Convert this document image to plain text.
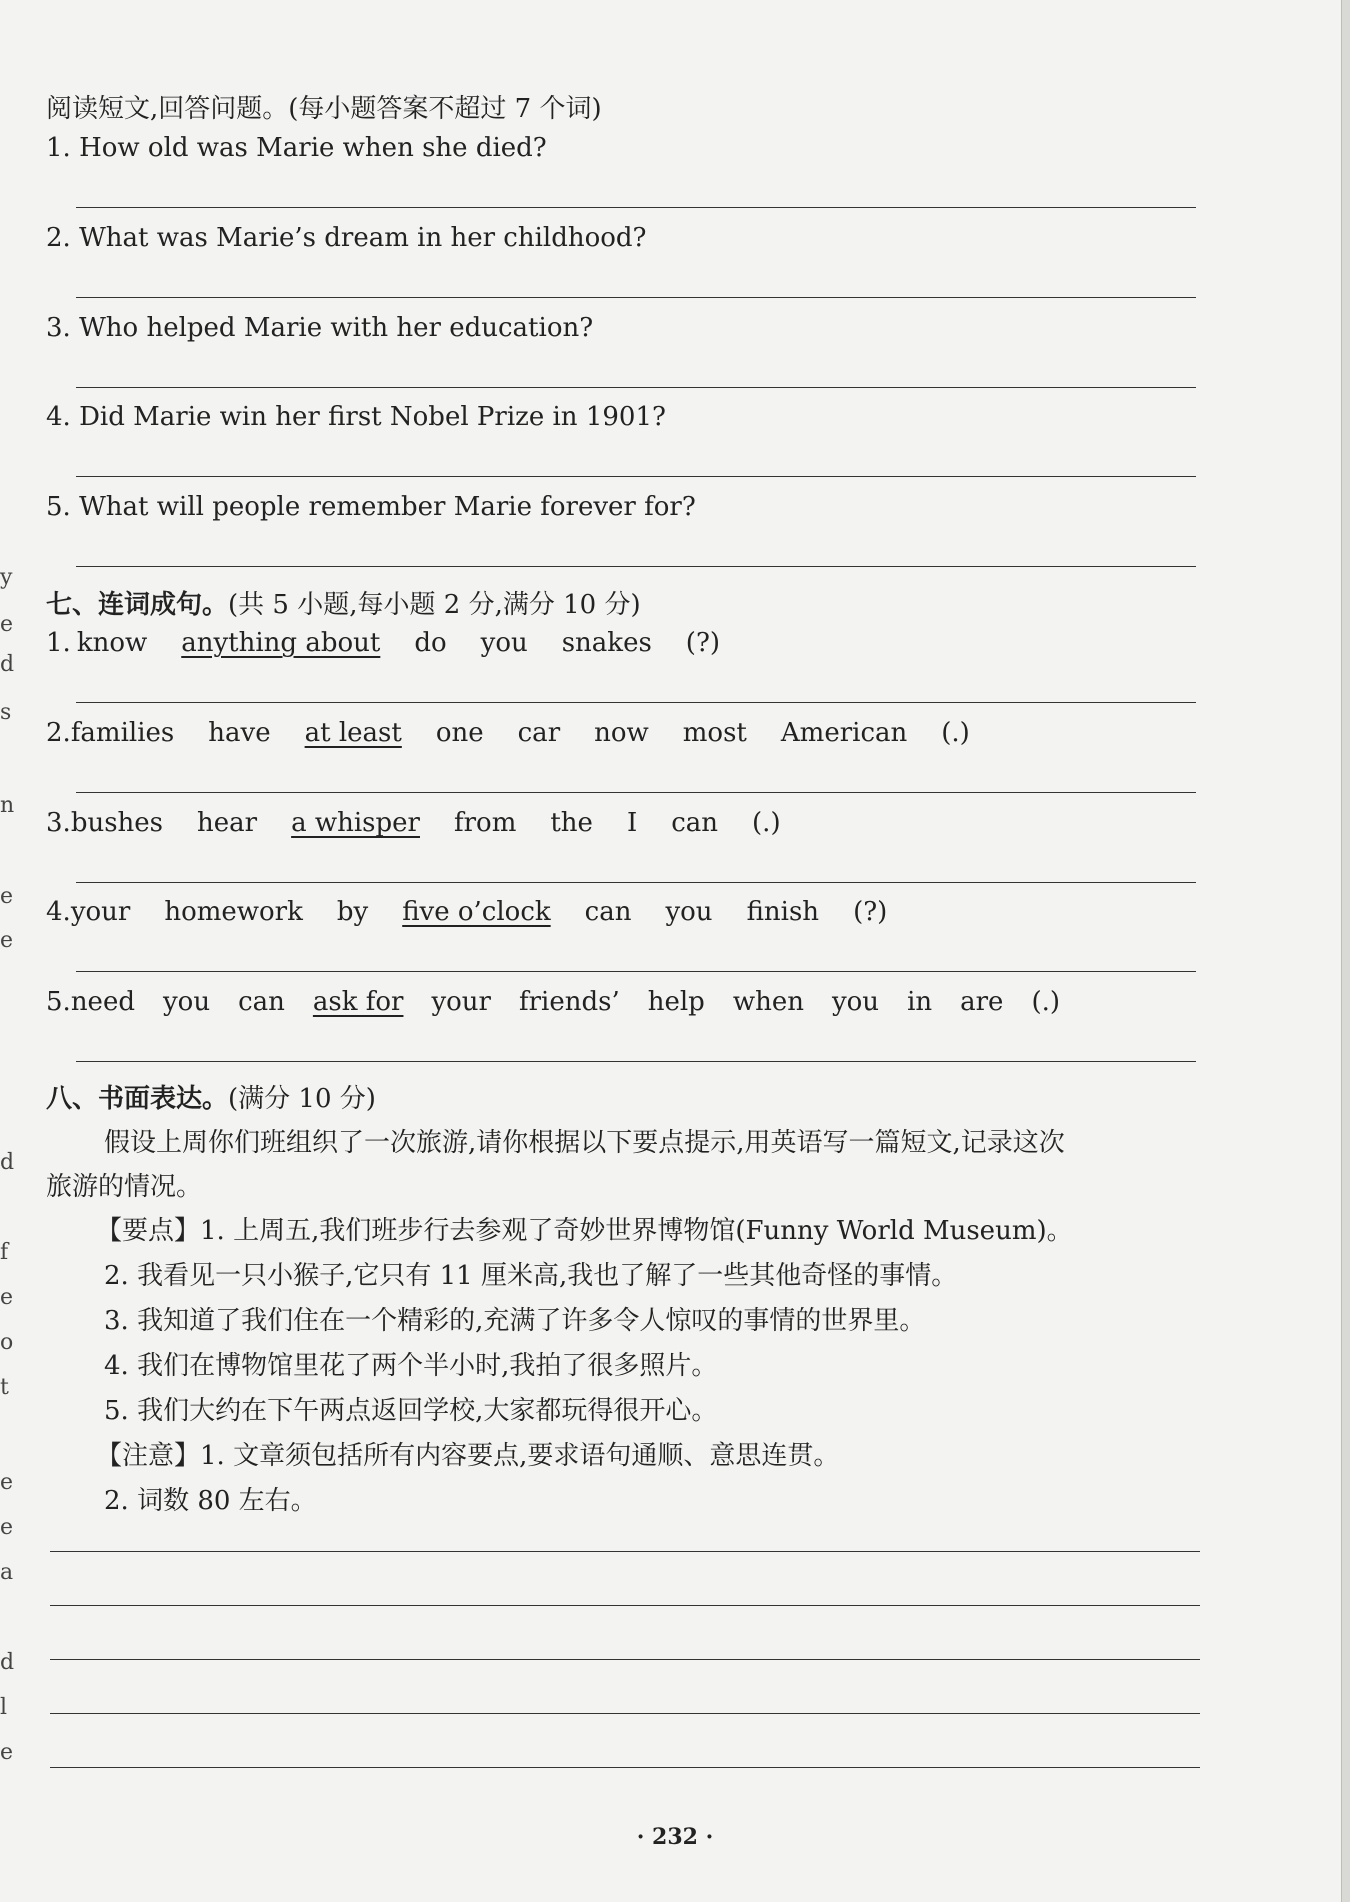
y
e
d
s
n
e
e
d
f
e
o
t
e
e
a
d
l
e
阅读短文,回答问题。(每小题答案不超过 7 个词)
1. How old was Marie when she died?
2. What was Marie’s dream in her childhood?
3. Who helped Marie with her education?
4. Did Marie win her first Nobel Prize in 1901?
5. What will people remember Marie forever for?
七、连词成句。(共 5 小题,每小题 2 分,满分 10 分)
1. know anything about do you snakes (?)
2.families have at least one car now most American (.)
3.bushes hear a whisper from the I can (.)
4.your homework by five o’clock can you finish (?)
5.need you can ask for your friends’ help when you in are (.)
八、书面表达。(满分 10 分)
假设上周你们班组织了一次旅游,请你根据以下要点提示,用英语写一篇短文,记录这次
旅游的情况。
【要点】1. 上周五,我们班步行去参观了奇妙世界博物馆(Funny World Museum)。
2. 我看见一只小猴子,它只有 11 厘米高,我也了解了一些其他奇怪的事情。
3. 我知道了我们住在一个精彩的,充满了许多令人惊叹的事情的世界里。
4. 我们在博物馆里花了两个半小时,我拍了很多照片。
5. 我们大约在下午两点返回学校,大家都玩得很开心。
【注意】1. 文章须包括所有内容要点,要求语句通顺、意思连贯。
2. 词数 80 左右。
· 232 ·
